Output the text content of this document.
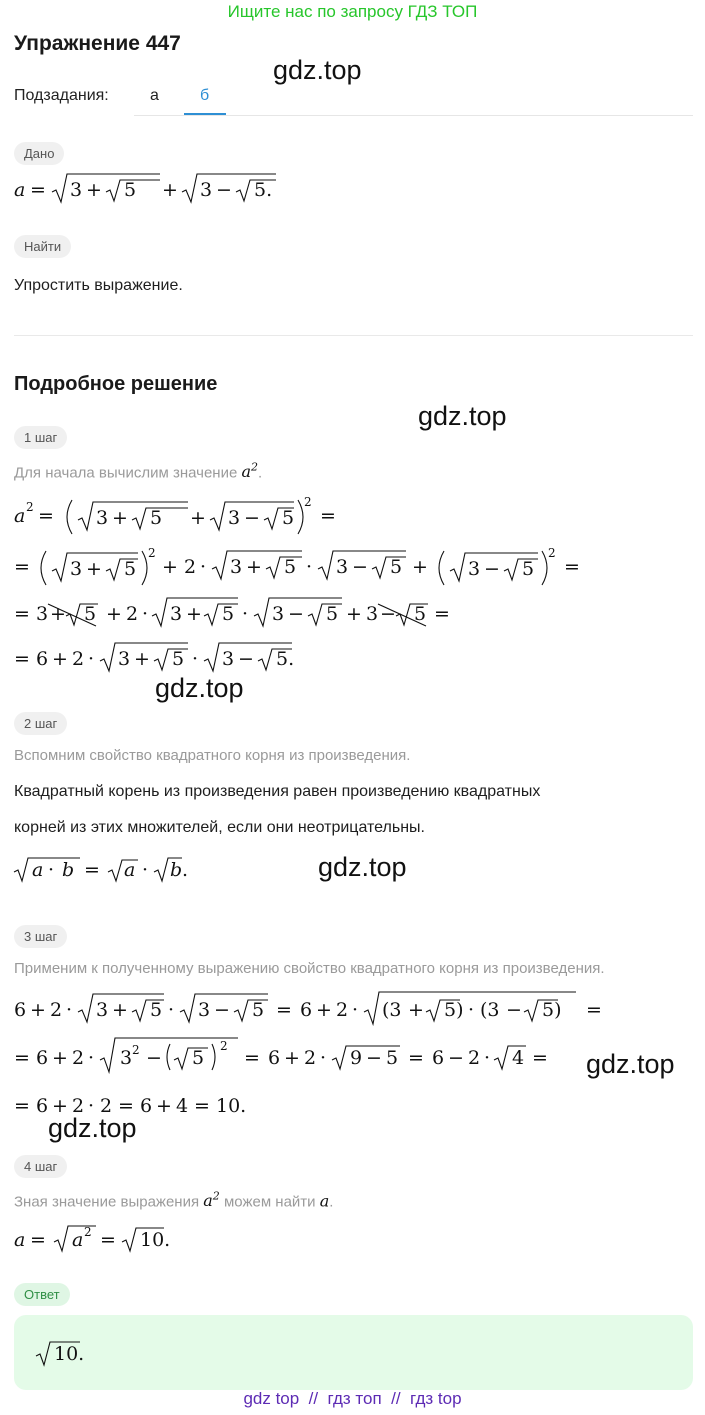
Ищите нас по запросу ГДЗ ТОП
Упражнение 447
gdz.top
gdz.top
gdz.top
gdz.top
gdz.top
gdz.top
Подзадания:	а	б
Дано
a = 3 + 5 + 3 − 5.
Найти
Упростить выражение.
Подробное решение
1 шаг
Для начала вычислим значение $a^2$.
a 2 = 3 + 5 + 3 − 5
2
=
= 3 + 5
2
+ 2 · 3 + 5 · 3 − 5 + 3 − 5
2
=
= 3 + 5 + 2 · 3 + 5 · 3 − 5 + 3 − 5 =
= 6 + 2 · 3 + 5 · 3 − 5.
2 шаг
Вспомним свойство квадратного корня из произведения.
Квадратный корень из произведения равен произведению квадратных
корней из этих множителей, если они неотрицательны.
a · b = a · b .
3 шаг
Применим к полученному выражению свойство квадратного корня из произведения.
6 + 2 · 3 + 5 · 3 − 5 = 6 + 2 · (3 + 5) · (3 − 5) =
= 6 + 2 · 3 2 − 5
2
= 6 + 2 · 9 − 5 = 6 − 2 · 4 =
= 6 + 2 · 2 = 6 + 4 = 10.
4 шаг
Зная значение выражения $a^2$ можем найти a.
a = a 2 = 10.
Ответ
10.
gdz top  //  гдз топ  //  гдз top
